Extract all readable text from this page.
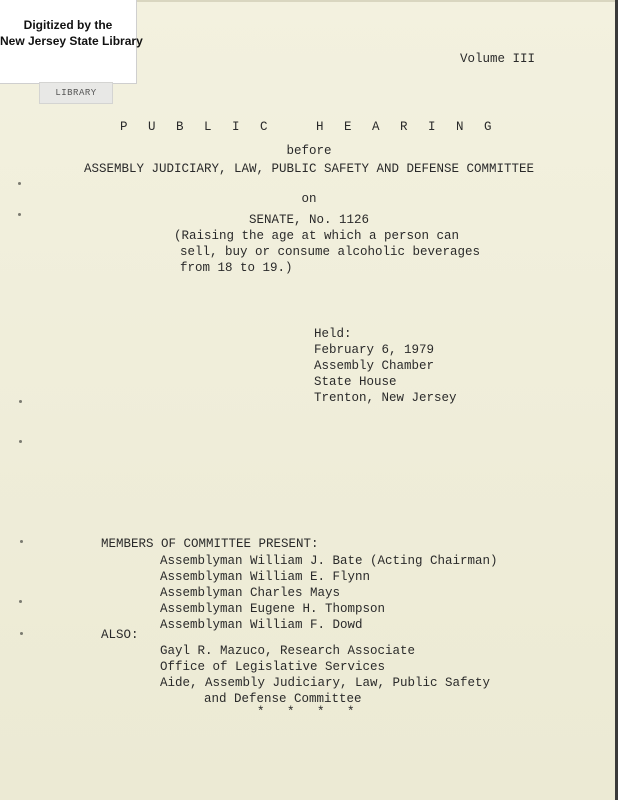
Digitized by the
New Jersey State Library
LIBRARY
Volume III
P U B L I C   H E A R I N G
before
ASSEMBLY JUDICIARY, LAW, PUBLIC SAFETY AND DEFENSE COMMITTEE
on
SENATE, No. 1126
(Raising the age at which a person can
sell, buy or consume alcoholic beverages
from 18 to 19.)
Held:
February 6, 1979
Assembly Chamber
State House
Trenton, New Jersey
MEMBERS OF COMMITTEE PRESENT:
Assemblyman William J. Bate (Acting Chairman)
Assemblyman William E. Flynn
Assemblyman Charles Mays
Assemblyman Eugene H. Thompson
Assemblyman William F. Dowd
ALSO:
Gayl R. Mazuco, Research Associate
Office of Legislative Services
Aide, Assembly Judiciary, Law, Public Safety
and Defense Committee
*   *   *   *
